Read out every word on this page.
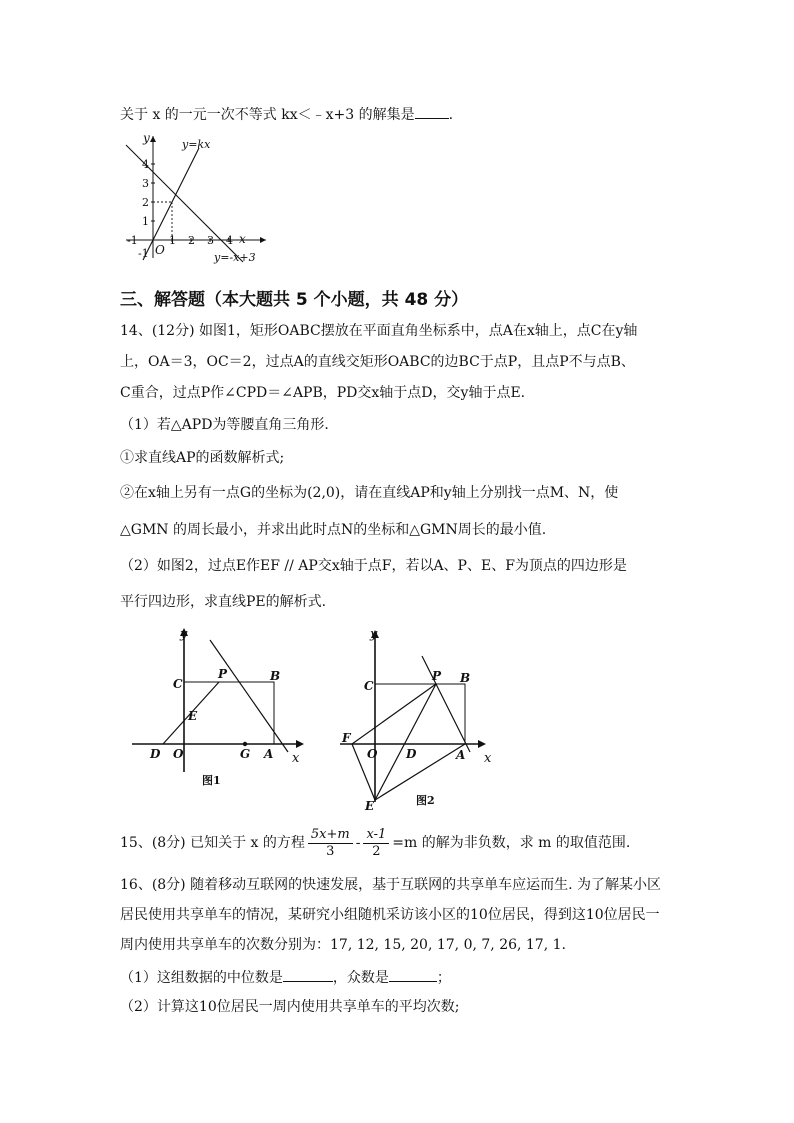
关于 x 的一元一次不等式 kx＜﹣x+3 的解集是 .
y
x
O
y=kx
y=-x+3
-1	1 2 3 4
4
3
2
1
-1
三、解答题（本大题共 5 个小题，共 48 分）
14、(12分) 如图1，矩形OABC摆放在平面直角坐标系中，点A在x轴上，点C在y轴
上，OA＝3，OC＝2，过点A的直线交矩形OABC的边BC于点P，且点P不与点B、
C重合，过点P作∠CPD＝∠APB，PD交x轴于点D，交y轴于点E.
（1）若△APD为等腰直角三角形.
①求直线AP的函数解析式;
②在x轴上另有一点G的坐标为(2,0)，请在直线AP和y轴上分别找一点M、N，使
△GMN 的周长最小，并求出此时点N的坐标和△GMN周长的最小值.
（2）如图2，过点E作EF // AP交x轴于点F，若以A、P、E、F为顶点的四边形是
平行四边形，求直线PE的解析式.
y
x
C
P	B
E
D O	G A
图1
y
x
C
P B
F
O D	A
E	图2
15、(8分) 已知关于 x 的方程 $\frac{5x+m}{3} - \frac{x-1}{2} =m$ 的解为非负数，求 m 的取值范围.
16、(8分) 随着移动互联网的快速发展，基于互联网的共享单车应运而生. 为了解某小区
居民使用共享单车的情况，某研究小组随机采访该小区的10位居民，得到这10位居民一
周内使用共享单车的次数分别为：17, 12, 15, 20, 17, 0, 7, 26, 17, 1.
（1）这组数据的中位数是	，众数是	；
（2）计算这10位居民一周内使用共享单车的平均次数;
